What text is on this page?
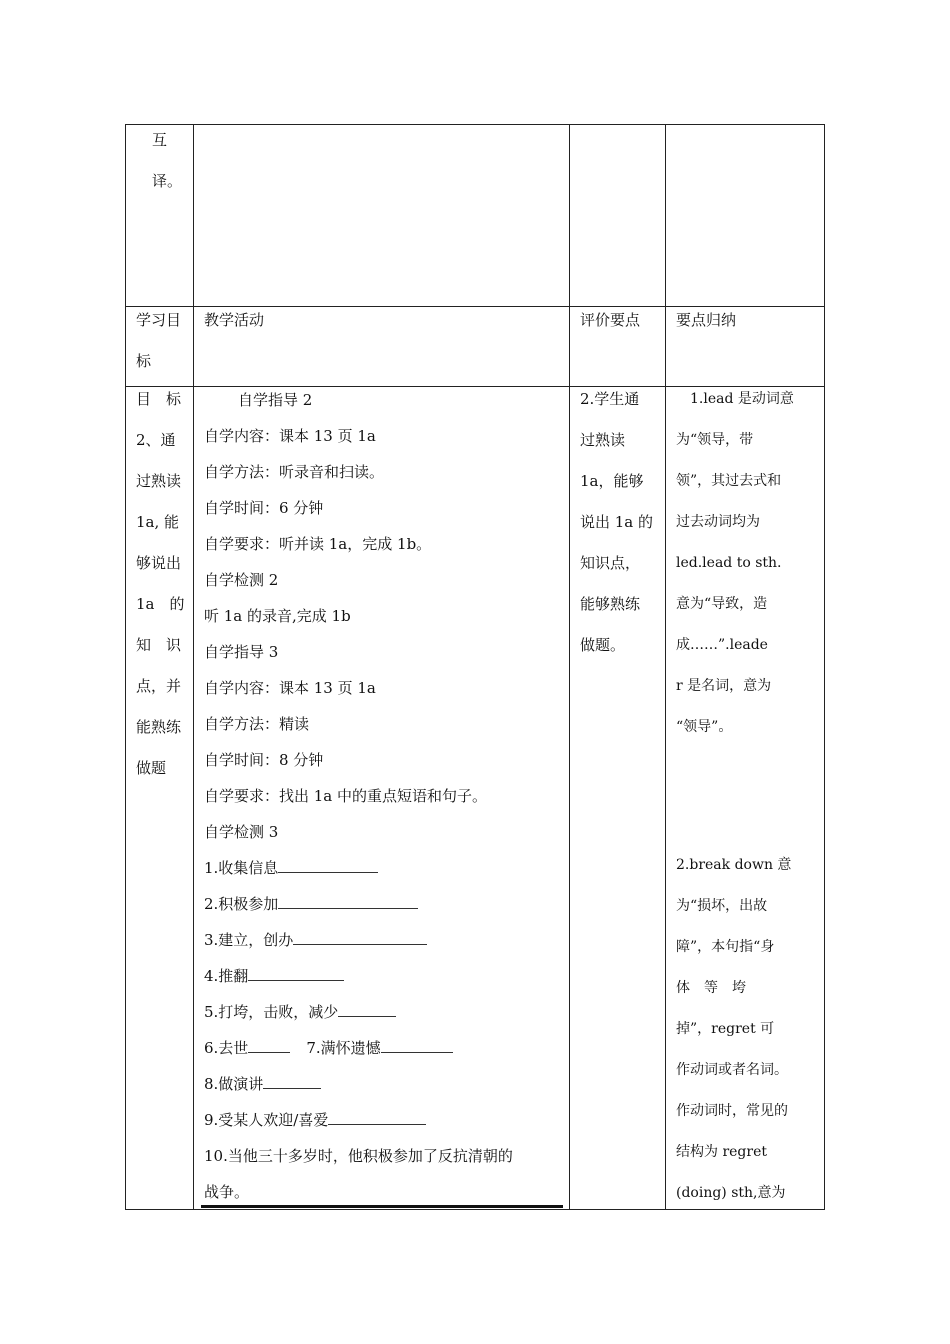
互
译。
学习目
标
教学活动	评价要点 要点归纳
目　标
2、通
过熟读
1a, 能
够说出
1a　的
知　识
点，并
能熟练
做题
自学指导 2
自学内容：课本 13 页 1a
自学方法：听录音和扫读。
自学时间：6 分钟
自学要求：听并读 1a，完成 1b。
自学检测 2
听 1a 的录音,完成 1b
自学指导 3
自学内容：课本 13 页 1a
自学方法：精读
自学时间：8 分钟
自学要求：找出 1a 中的重点短语和句子。
自学检测 3
1.收集信息
2.积极参加
3.建立，创办
4.推翻
5.打垮，击败，减少
6.去世	7.满怀遗憾
8.做演讲
9.受某人欢迎/喜爱
10.当他三十多岁时，他积极参加了反抗清朝的
战争。
2.学生通
过熟读
1a，能够
说出 1a 的
知识点，
能够熟练
做题。
1.lead 是动词意
为“领导，带
领”，其过去式和
过去动词均为
led.lead to sth.
意为“导致，造
成……”.leade
r 是名词，意为
“领导”。
2.break down 意
为“损坏，出故
障”，本句指“身
体　等　垮
掉”，regret 可
作动词或者名词。
作动词时，常见的
结构为 regret
(doing) sth,意为
